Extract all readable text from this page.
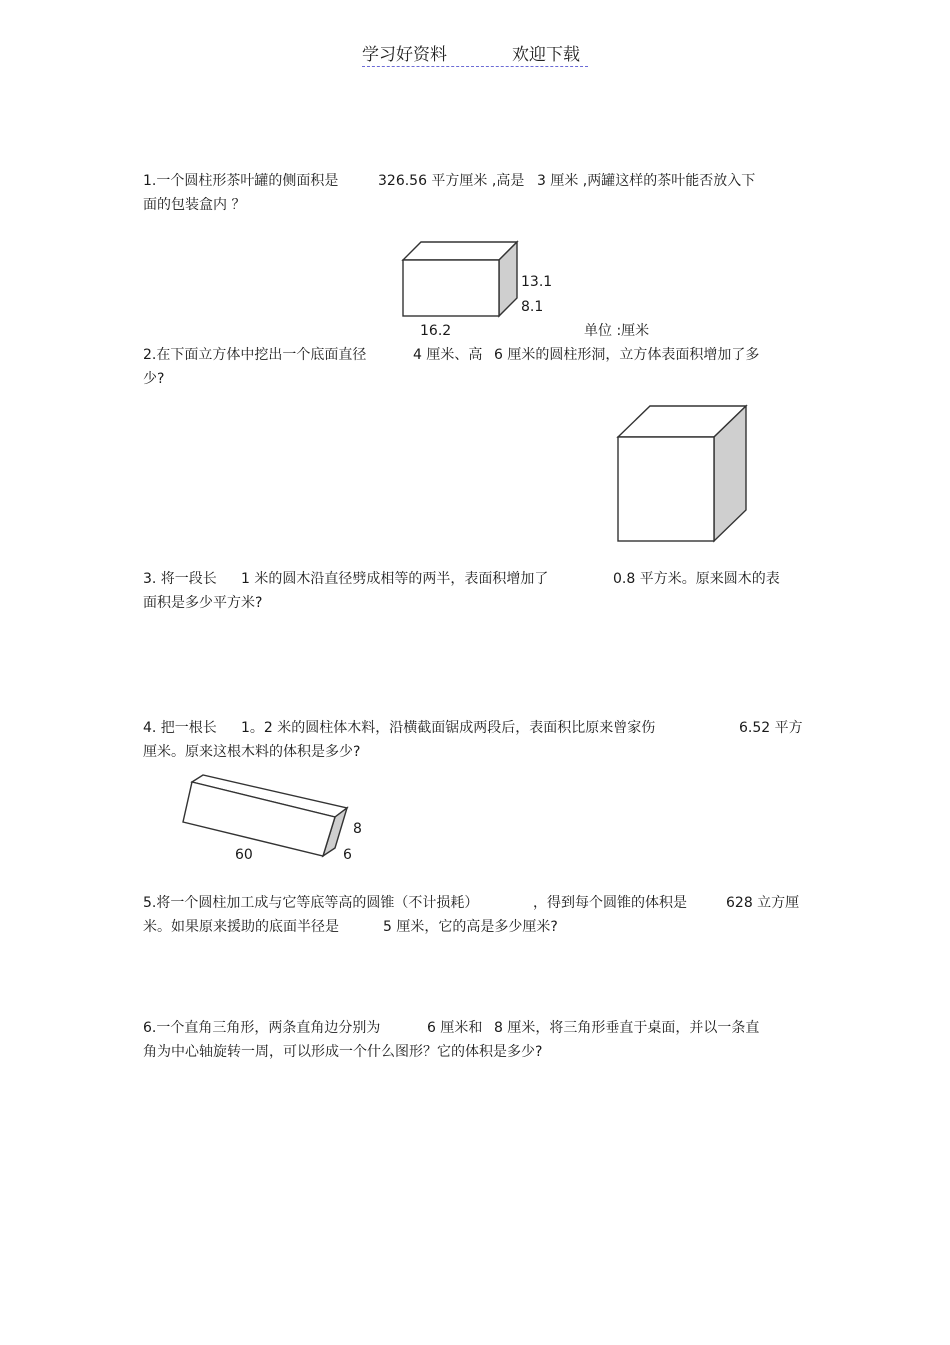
学习好资料	欢迎下载
1.一个圆柱形茶叶罐的侧面积是	326.56 平方厘米 ,高是 3 厘米 ,两罐这样的茶叶能否放入下
面的包装盒内 ？
13.1
8.1
16.2	单位 :厘米
2.在下面立方体中挖出一个底面直径	4 厘米、高 6 厘米的圆柱形洞，立方体表面积增加了多
少?
3. 将一段长 1 米的圆木沿直径劈成相等的两半，表面积增加了	0.8 平方米。原来圆木的表
面积是多少平方米?
4. 把一根长 1。2 米的圆柱体木料，沿横截面锯成两段后，表面积比原来曾家伤	6.52 平方
厘米。原来这根木料的体积是多少?
8
60	6
5.将一个圆柱加工成与它等底等高的圆锥（不计损耗）	，得到每个圆锥的体积是	628 立方厘
米。如果原来援助的底面半径是	5 厘米，它的高是多少厘米?
6.一个直角三角形，两条直角边分别为	6 厘米和 8 厘米，将三角形垂直于桌面，并以一条直
角为中心轴旋转一周，可以形成一个什么图形？它的体积是多少?
